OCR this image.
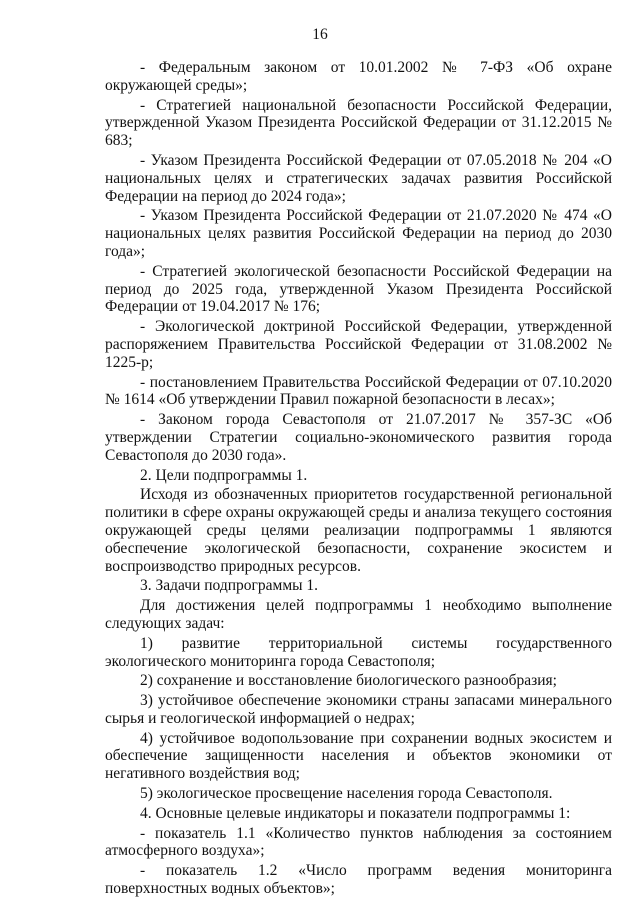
16

- Федеральным законом от 10.01.2002 № 7-ФЗ «Об охране окружающей среды»;

- Стратегией национальной безопасности Российской Федерации, утвержденной Указом Президента Российской Федерации от 31.12.2015 № 683;

- Указом Президента Российской Федерации от 07.05.2018 № 204 «О национальных целях и стратегических задачах развития Российской Федерации на период до 2024 года»;

- Указом Президента Российской Федерации от 21.07.2020 № 474 «О национальных целях развития Российской Федерации на период до 2030 года»;

- Стратегией экологической безопасности Российской Федерации на период до 2025 года, утвержденной Указом Президента Российской Федерации от 19.04.2017 № 176;

- Экологической доктриной Российской Федерации, утвержденной распоряжением Правительства Российской Федерации от 31.08.2002 № 1225-р;

- постановлением Правительства Российской Федерации от 07.10.2020 № 1614 «Об утверждении Правил пожарной безопасности в лесах»;

- Законом города Севастополя от 21.07.2017 № 357-ЗС «Об утверждении Стратегии социально-экономического развития города Севастополя до 2030 года».

2. Цели подпрограммы 1.

Исходя из обозначенных приоритетов государственной региональной политики в сфере охраны окружающей среды и анализа текущего состояния окружающей среды целями реализации подпрограммы 1 являются обеспечение экологической безопасности, сохранение экосистем и воспроизводство природных ресурсов.

3. Задачи подпрограммы 1.

Для достижения целей подпрограммы 1 необходимо выполнение следующих задач:

1) развитие территориальной системы государственного экологического мониторинга города Севастополя;

2) сохранение и восстановление биологического разнообразия;

3) устойчивое обеспечение экономики страны запасами минерального сырья и геологической информацией о недрах;

4) устойчивое водопользование при сохранении водных экосистем и обеспечение защищенности населения и объектов экономики от негативного воздействия вод;

5) экологическое просвещение населения города Севастополя.

4. Основные целевые индикаторы и показатели подпрограммы 1:

- показатель 1.1 «Количество пунктов наблюдения за состоянием атмосферного воздуха»;

- показатель 1.2 «Число программ ведения мониторинга поверхностных водных объектов»;
